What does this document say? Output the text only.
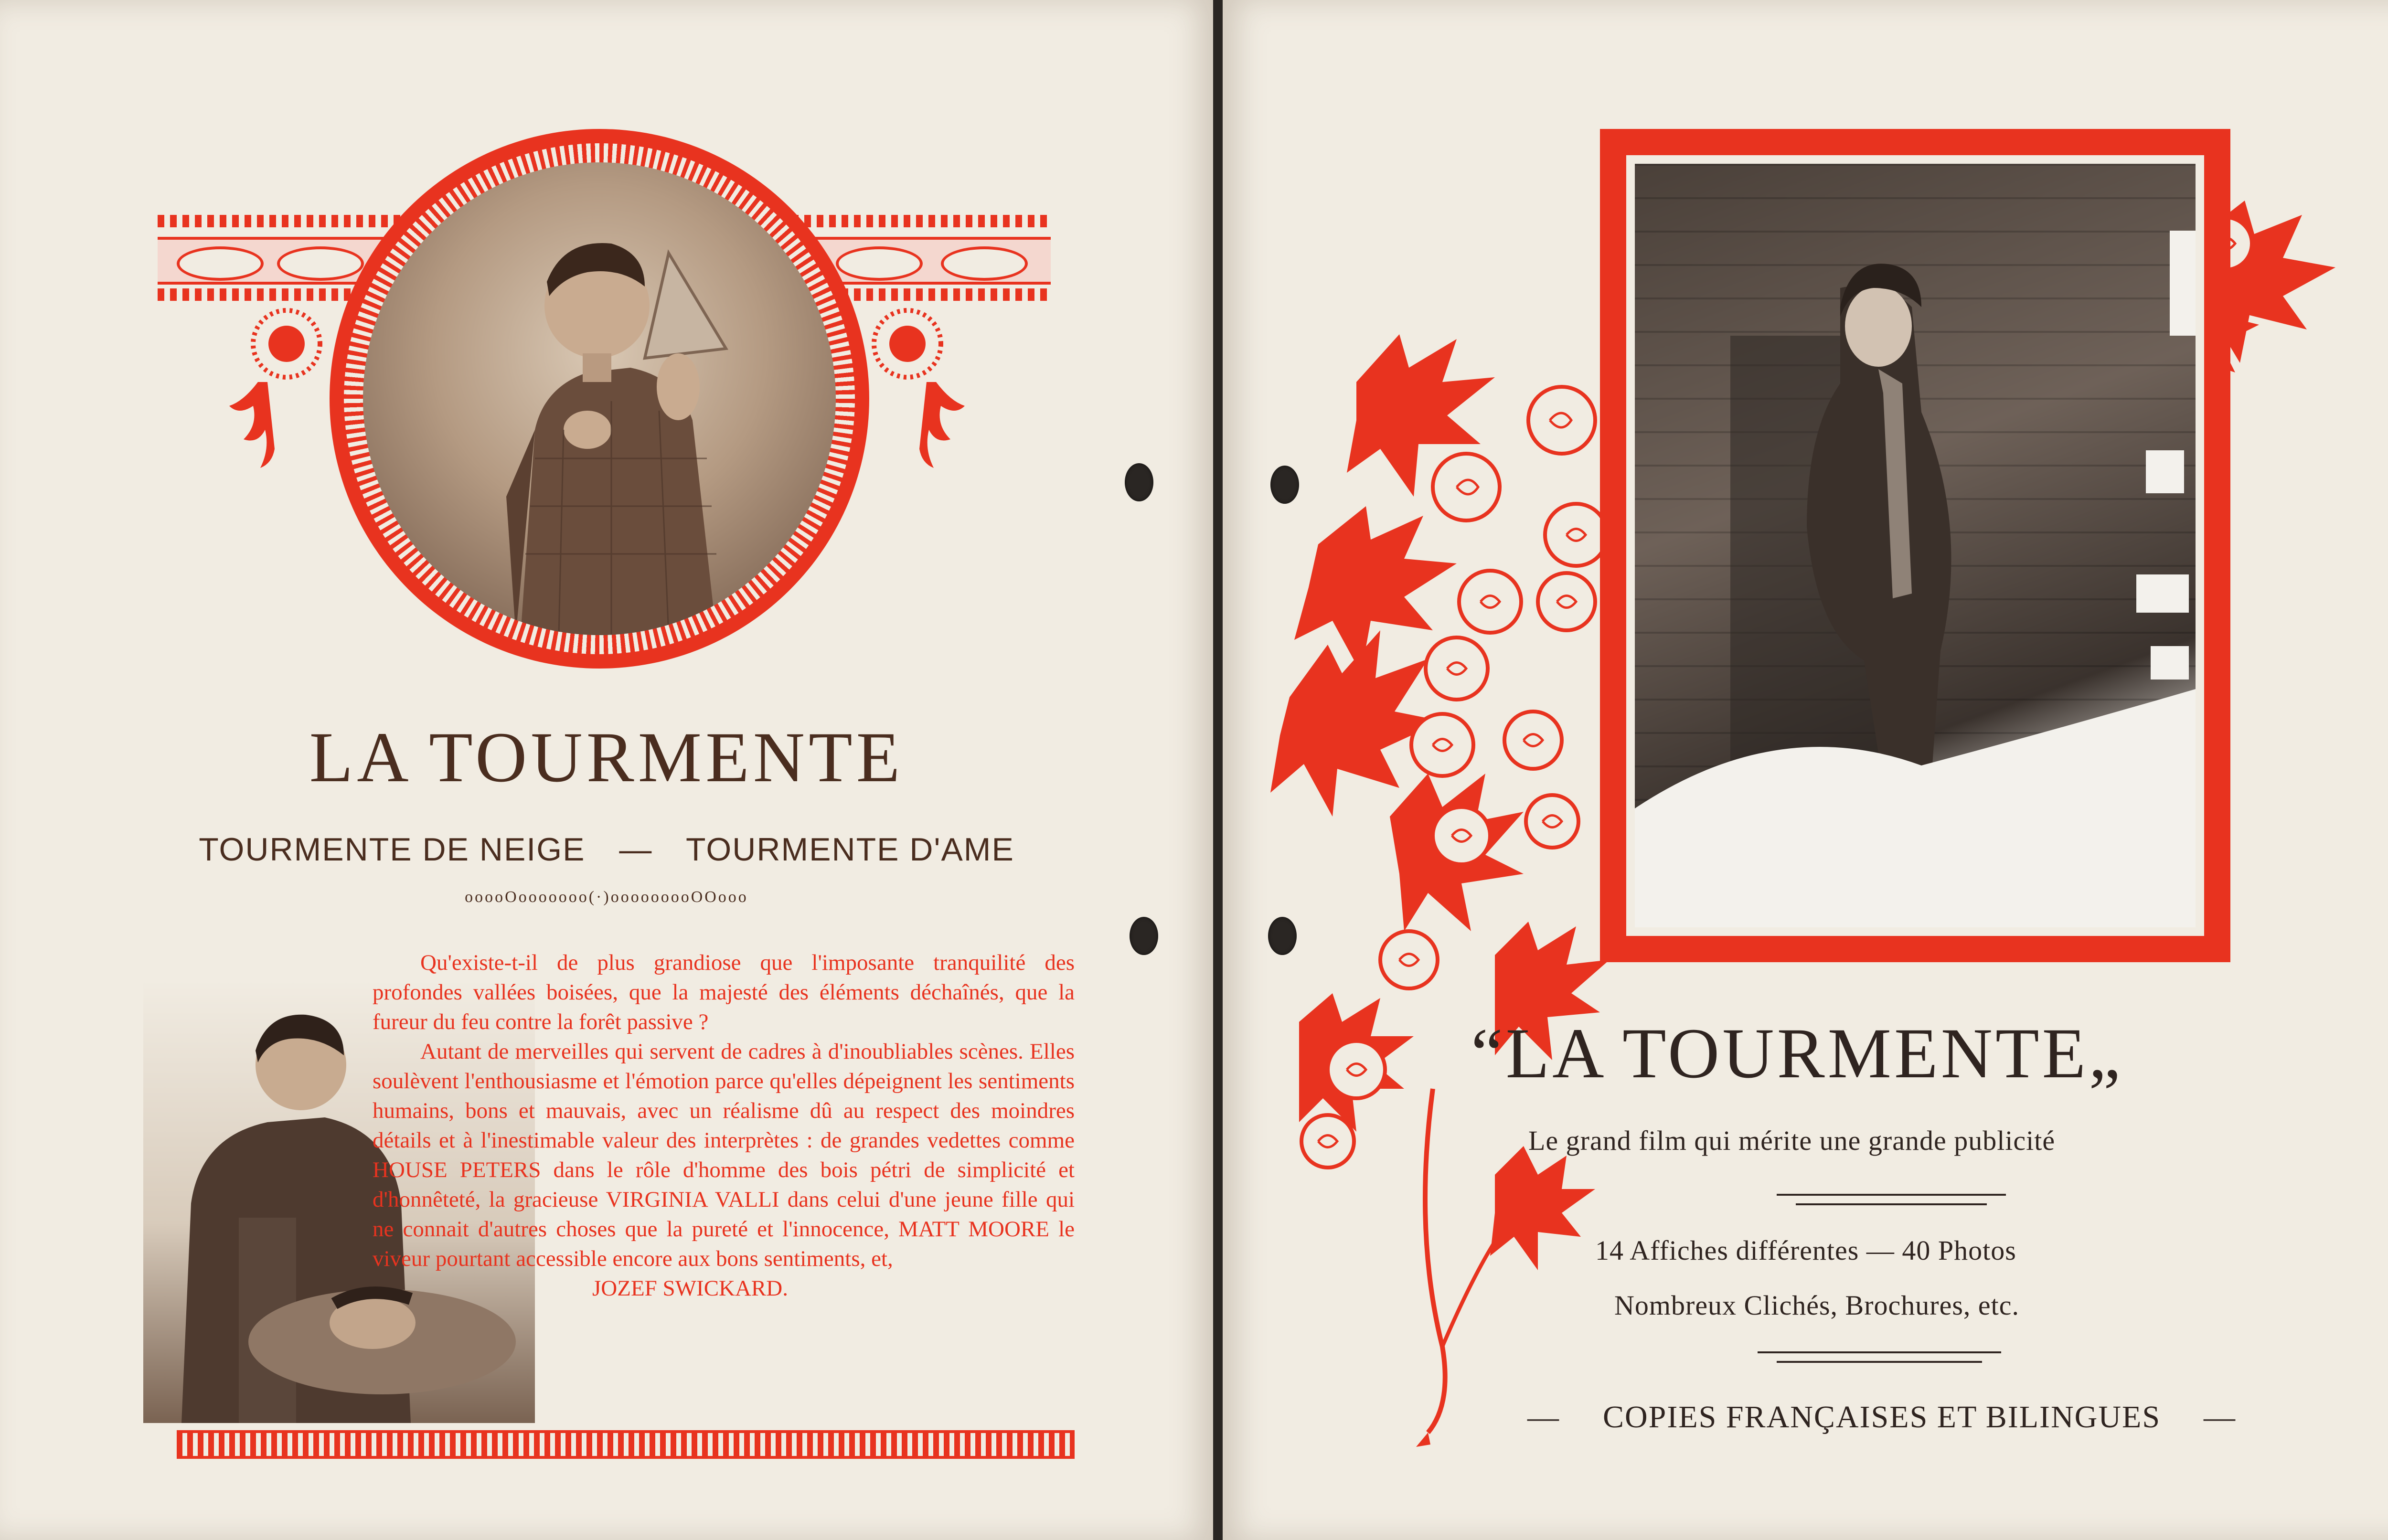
LA TOURMENTE
TOURMENTE DE NEIGE — TOURMENTE D'AME
ooooOooooooo(·)ooooooooOOooo

Qu'existe-t-il de plus grandiose que l'imposante tranquilité des profondes vallées boisées, que la majesté des éléments déchaînés, que la fureur du feu contre la forêt passive ?

Autant de merveilles qui servent de cadres à d'inoubliables scènes. Elles soulèvent l'enthousiasme et l'émotion parce qu'elles dépeignent les sentiments humains, bons et mauvais, avec un réalisme dû au respect des moindres détails et à l'inestimable valeur des interprètes : de grandes vedettes comme HOUSE PETERS dans le rôle d'homme des bois pétri de simplicité et d'honnêteté, la gracieuse VIRGINIA VALLI dans celui d'une jeune fille qui ne connait d'autres choses que la pureté et l'innocence, MATT MOORE le viveur pourtant accessible encore aux bons sentiments, et,

JOZEF SWICKARD.

“LA TOURMENTE„
Le grand film qui mérite une grande publicité
14 Affiches différentes — 40 Photos
Nombreux Clichés, Brochures, etc.
— COPIES FRANÇAISES ET BILINGUES —
